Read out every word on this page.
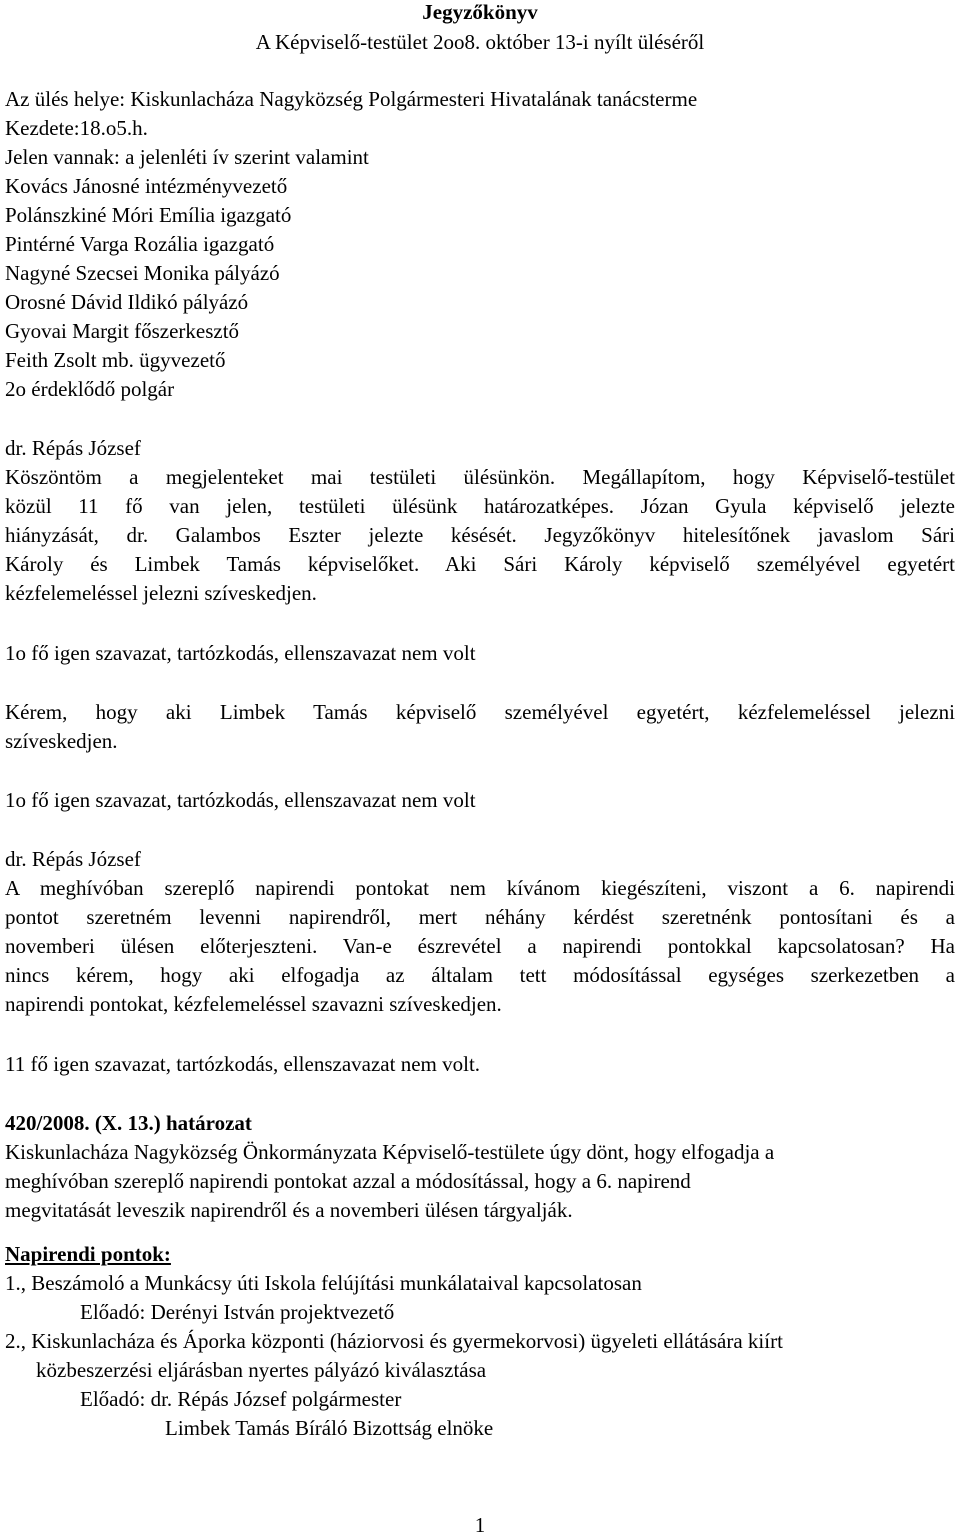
Jegyzőkönyv
A Képviselő-testület 2oo8. október 13-i nyílt üléséről
Az ülés helye: Kiskunlacháza Nagyközség Polgármesteri Hivatalának tanácsterme
Kezdete:18.o5.h.
Jelen vannak: a jelenléti ív szerint valamint
Kovács Jánosné intézményvezető
Polánszkiné Móri Emília igazgató
Pintérné Varga Rozália igazgató
Nagyné Szecsei Monika pályázó
Orosné Dávid Ildikó pályázó
Gyovai Margit főszerkesztő
Feith Zsolt mb. ügyvezető
2o érdeklődő polgár
dr. Répás József
Köszöntöm a megjelenteket mai testületi ülésünkön. Megállapítom, hogy Képviselő-testület
közül 11 fő van jelen, testületi ülésünk határozatképes. Józan Gyula képviselő jelezte
hiányzását, dr. Galambos Eszter jelezte késését. Jegyzőkönyv hitelesítőnek javaslom Sári
Károly és Limbek Tamás képviselőket. Aki Sári Károly képviselő személyével egyetért
kézfelemeléssel jelezni szíveskedjen.
1o fő igen szavazat, tartózkodás, ellenszavazat nem volt
Kérem, hogy aki Limbek Tamás képviselő személyével egyetért, kézfelemeléssel jelezni
szíveskedjen.
1o fő igen szavazat, tartózkodás, ellenszavazat nem volt
dr. Répás József
A meghívóban szereplő napirendi pontokat nem kívánom kiegészíteni, viszont a 6. napirendi
pontot szeretném levenni napirendről, mert néhány kérdést szeretnénk pontosítani és a
novemberi ülésen előterjeszteni. Van-e észrevétel a napirendi pontokkal kapcsolatosan? Ha
nincs kérem, hogy aki elfogadja az általam tett módosítással egységes szerkezetben a
napirendi pontokat, kézfelemeléssel szavazni szíveskedjen.
11 fő igen szavazat, tartózkodás, ellenszavazat nem volt.
420/2008. (X. 13.) határozat
Kiskunlacháza Nagyközség Önkormányzata Képviselő-testülete úgy dönt, hogy elfogadja a
meghívóban szereplő napirendi pontokat azzal a módosítással, hogy a 6. napirend
megvitatását leveszik napirendről és a novemberi ülésen tárgyalják.
Napirendi pontok:
1., Beszámoló a Munkácsy úti Iskola felújítási munkálataival kapcsolatosan
Előadó: Derényi István projektvezető
2., Kiskunlacháza és Áporka központi (háziorvosi és gyermekorvosi) ügyeleti ellátására kiírt
közbeszerzési eljárásban nyertes pályázó kiválasztása
Előadó: dr. Répás József polgármester
Limbek Tamás Bíráló Bizottság elnöke
1
